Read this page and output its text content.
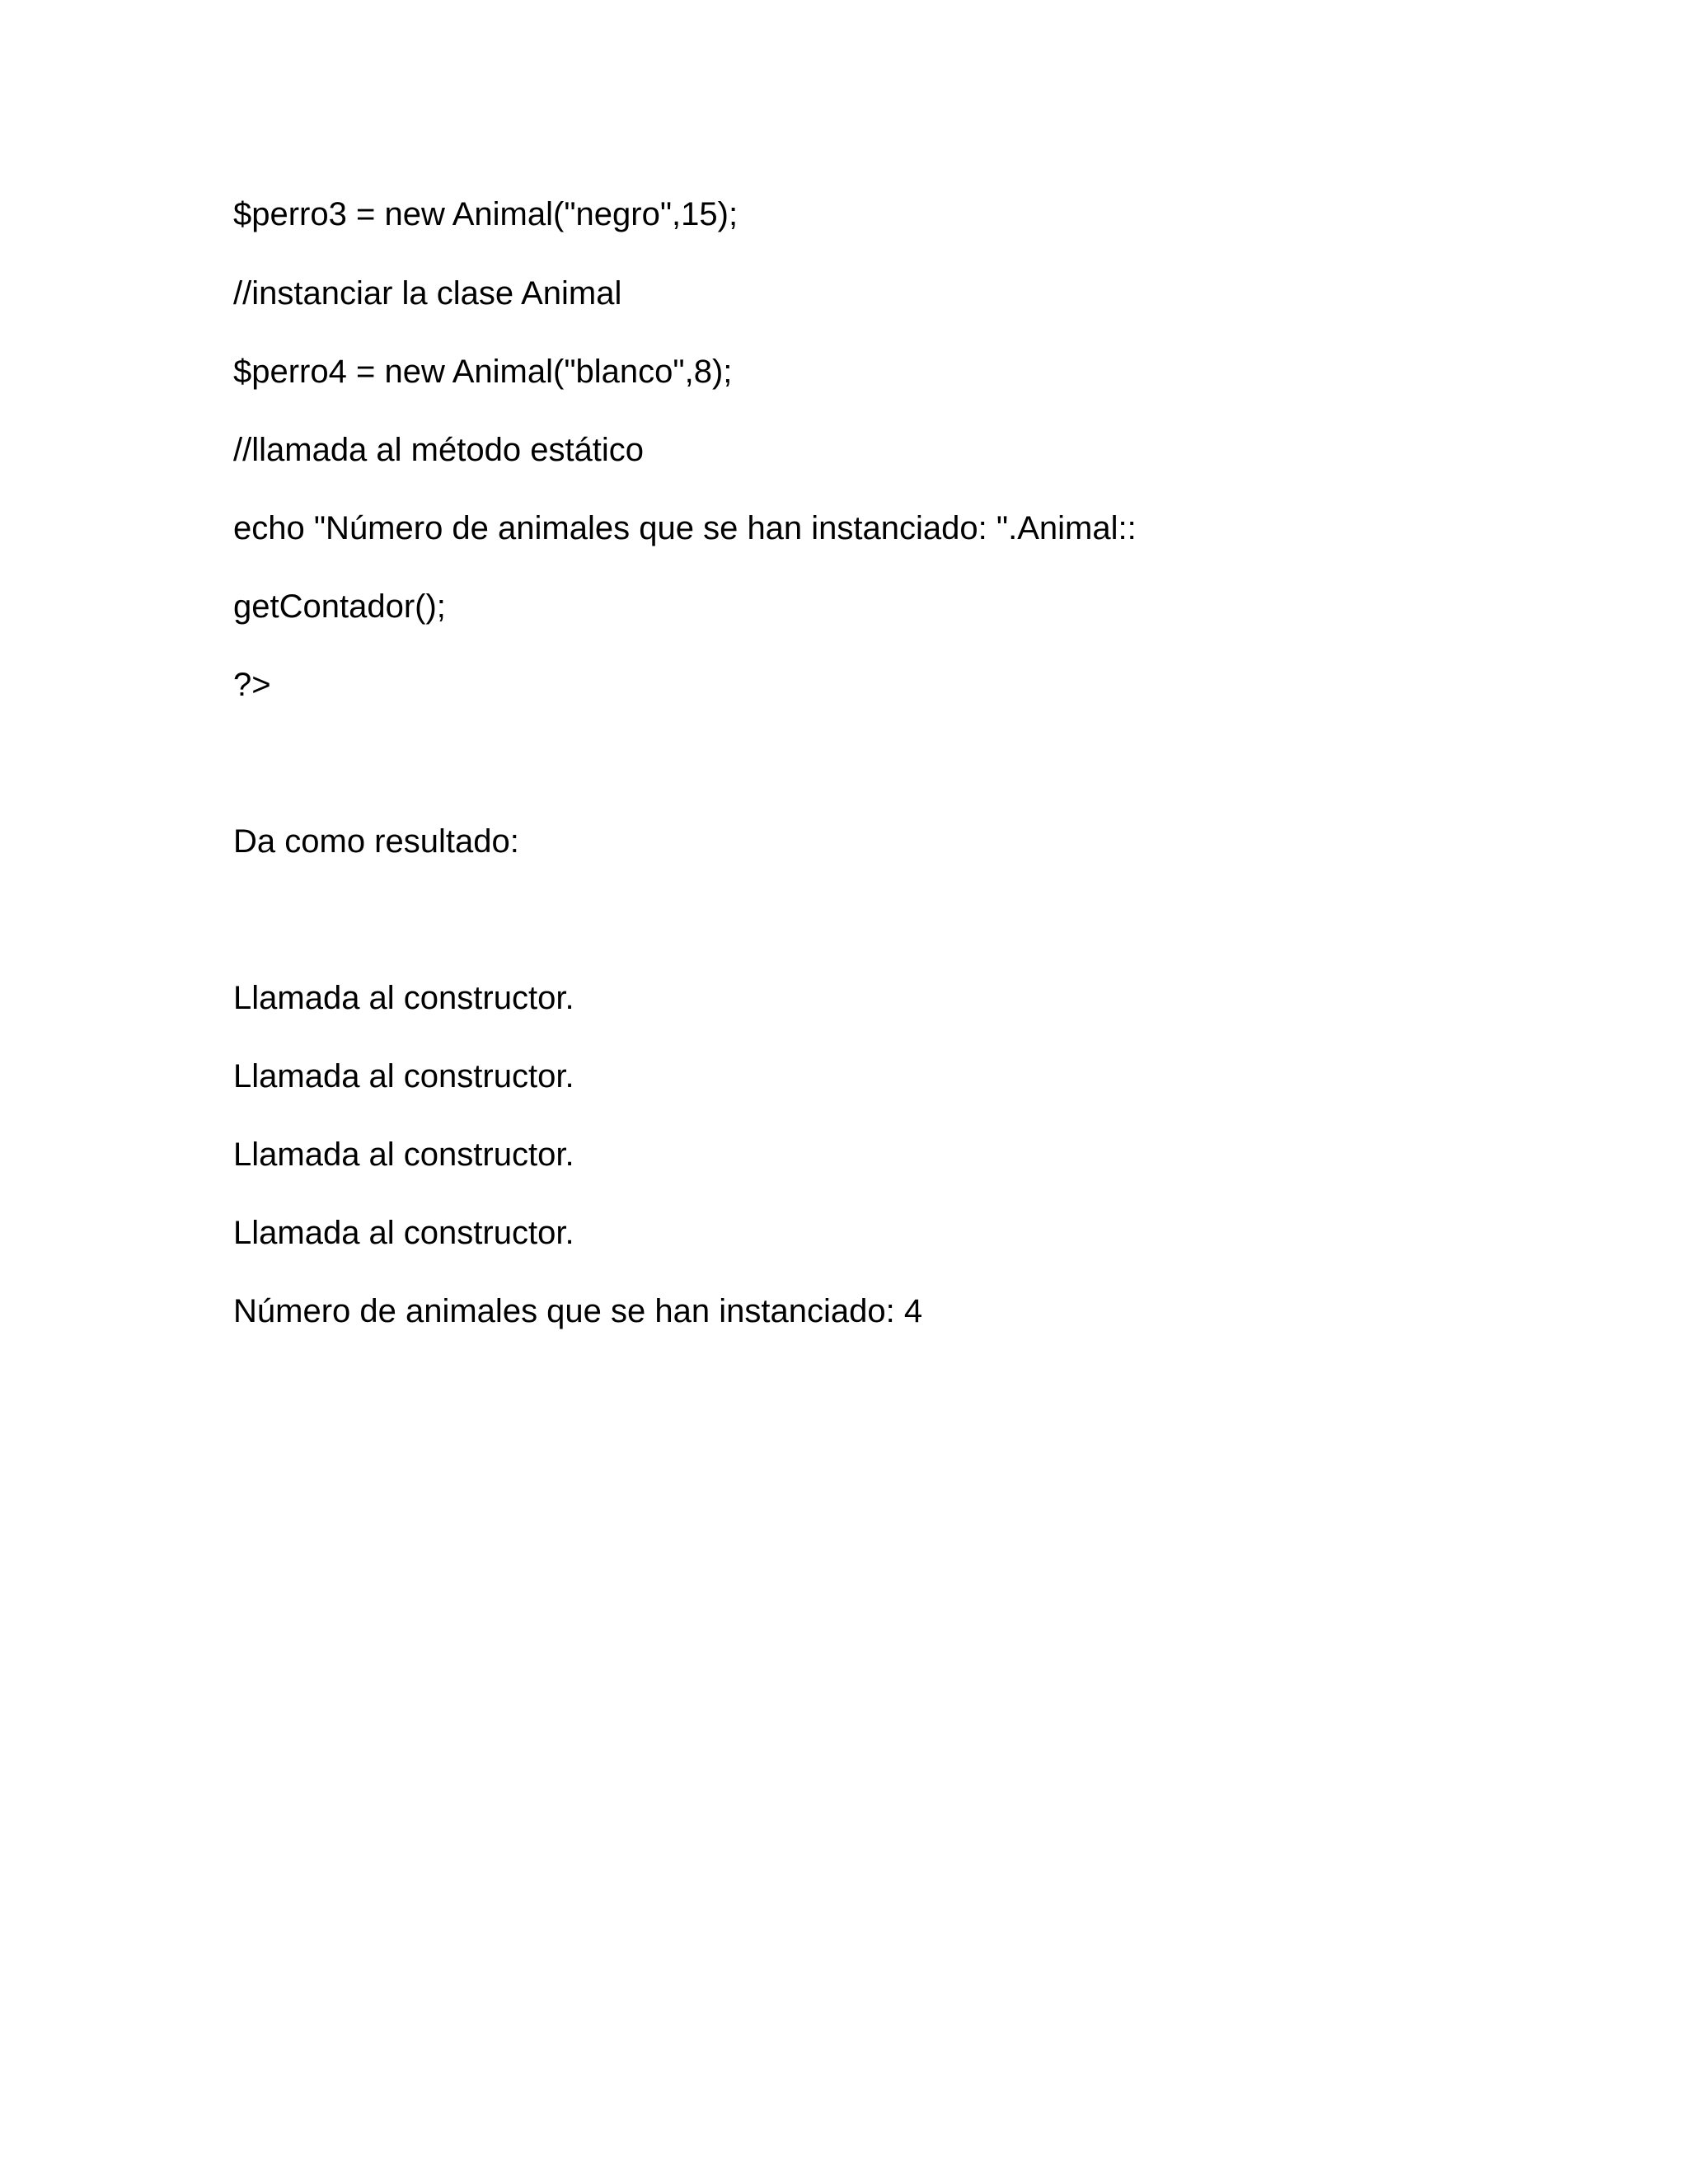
$perro3 = new Animal("negro",15);
//instanciar la clase Animal
$perro4 = new Animal("blanco",8);
//llamada al método estático
echo "Número de animales que se han instanciado: ".Animal::
getContador();
?>
Da como resultado:
Llamada al constructor.
Llamada al constructor.
Llamada al constructor.
Llamada al constructor.
Número de animales que se han instanciado: 4
